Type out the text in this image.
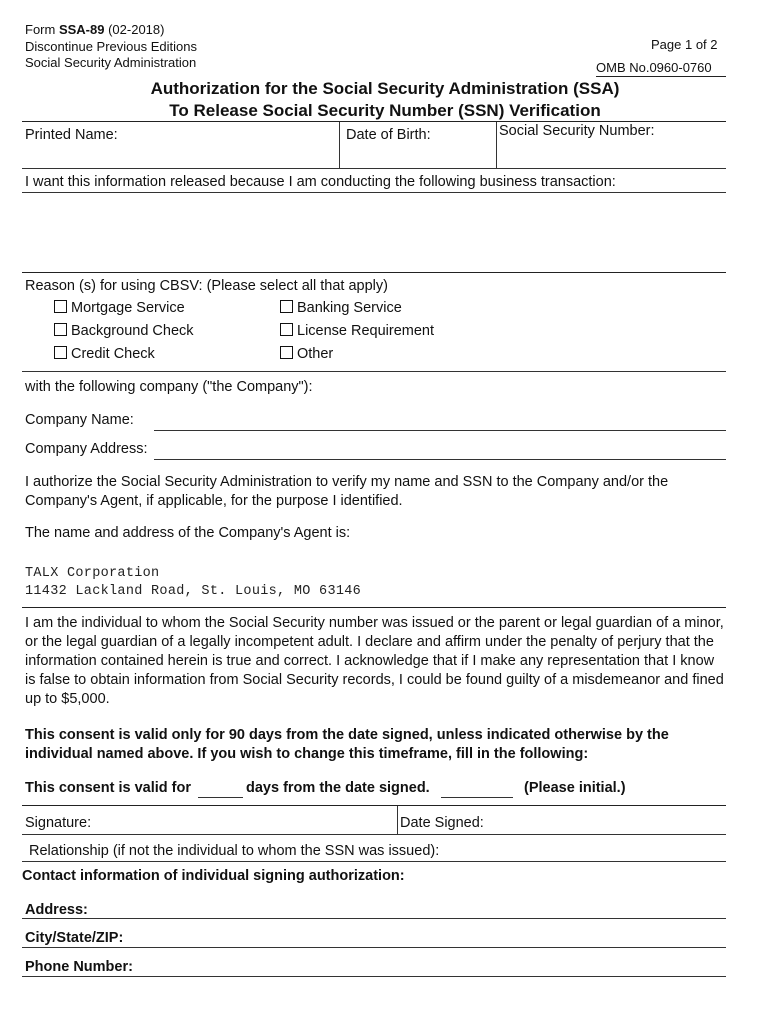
Form SSA-89 (02-2018)
Discontinue Previous Editions
Social Security Administration
Page 1 of 2
OMB No.0960-0760
Authorization for the Social Security Administration (SSA)
To Release Social Security Number (SSN) Verification
Printed Name:	Date of Birth:	Social Security Number:
I want this information released because I am conducting the following business transaction:
Reason (s) for using CBSV: (Please select all that apply)
Mortgage Service	Banking Service
Background Check	License Requirement
Credit Check	Other
with the following company ("the Company"):
Company Name:
Company Address:
I authorize the Social Security Administration to verify my name and SSN to the Company and/or the Company's Agent, if applicable, for the purpose I identified.
The name and address of the Company's Agent is:
TALX Corporation
11432 Lackland Road, St. Louis, MO 63146
I am the individual to whom the Social Security number was issued or the parent or legal guardian of a minor, or the legal guardian of a legally incompetent adult. I declare and affirm under the penalty of perjury that the information contained herein is true and correct. I acknowledge that if I make any representation that I know is false to obtain information from Social Security records, I could be found guilty of a misdemeanor and fined up to $5,000.
This consent is valid only for 90 days from the date signed, unless indicated otherwise by the individual named above. If you wish to change this timeframe, fill in the following:
This consent is valid for	days from the date signed.	(Please initial.)
Signature:	Date Signed:
Relationship (if not the individual to whom the SSN was issued):
Contact information of individual signing authorization:
Address:
City/State/ZIP:
Phone Number:
